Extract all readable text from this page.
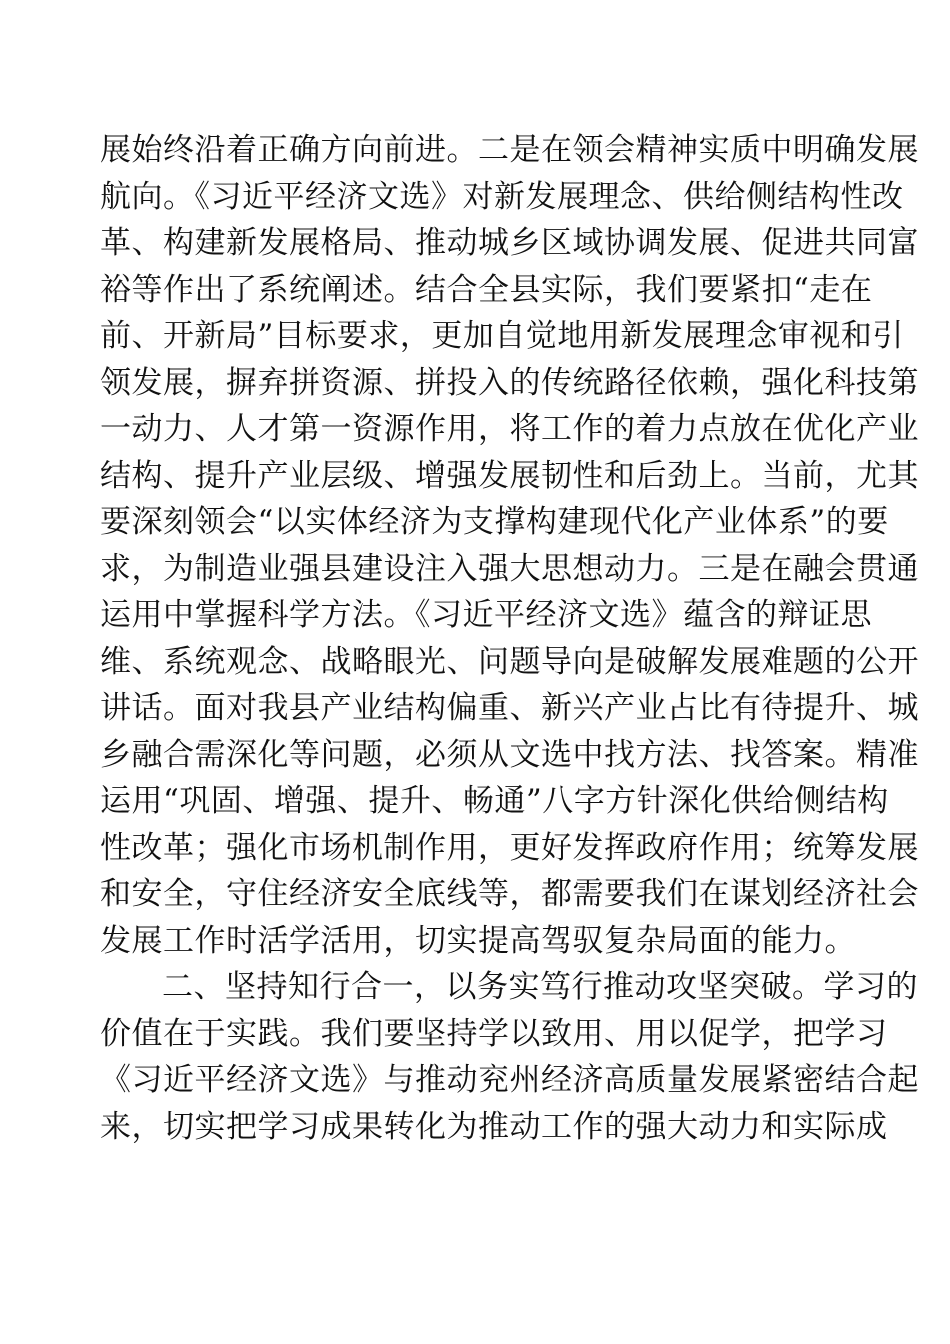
展始终沿着正确方向前进。二是在领会精神实质中明确发展
航向。《习近平经济文选》对新发展理念、供给侧结构性改
革、构建新发展格局、推动城乡区域协调发展、促进共同富
裕等作出了系统阐述。结合全县实际，我们要紧扣“走在
前、开新局”目标要求，更加自觉地用新发展理念审视和引
领发展，摒弃拼资源、拼投入的传统路径依赖，强化科技第
一动力、人才第一资源作用，将工作的着力点放在优化产业
结构、提升产业层级、增强发展韧性和后劲上。当前，尤其
要深刻领会“以实体经济为支撑构建现代化产业体系”的要
求，为制造业强县建设注入强大思想动力。三是在融会贯通
运用中掌握科学方法。《习近平经济文选》蕴含的辩证思
维、系统观念、战略眼光、问题导向是破解发展难题的公开
讲话。面对我县产业结构偏重、新兴产业占比有待提升、城
乡融合需深化等问题，必须从文选中找方法、找答案。精准
运用“巩固、增强、提升、畅通”八字方针深化供给侧结构
性改革；强化市场机制作用，更好发挥政府作用；统筹发展
和安全，守住经济安全底线等，都需要我们在谋划经济社会
发展工作时活学活用，切实提高驾驭复杂局面的能力。
二、坚持知行合一，以务实笃行推动攻坚突破。学习的
价值在于实践。我们要坚持学以致用、用以促学，把学习
《习近平经济文选》与推动兖州经济高质量发展紧密结合起
来，切实把学习成果转化为推动工作的强大动力和实际成
